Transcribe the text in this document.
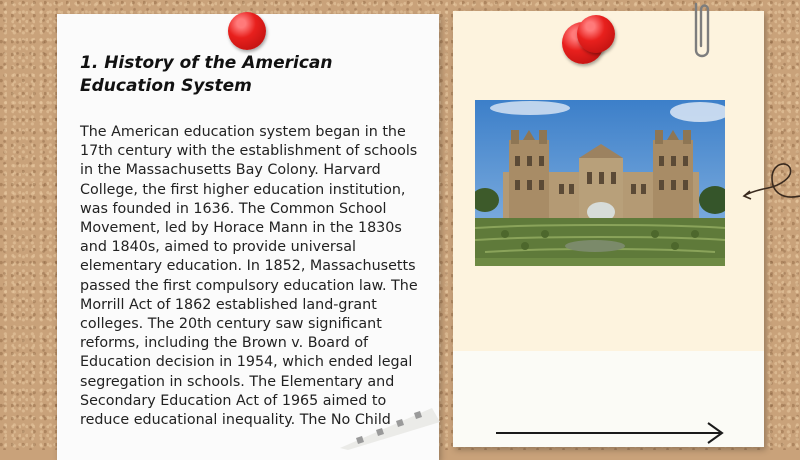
1. History of the American Education System

The American education system began in the 17th century with the establishment of schools in the Massachusetts Bay Colony. Harvard College, the first higher education institution, was founded in 1636. The Common School Movement, led by Horace Mann in the 1830s and 1840s, aimed to provide universal elementary education. In 1852, Massachusetts passed the first compulsory education law. The Morrill Act of 1862 established land-grant colleges. The 20th century saw significant reforms, including the Brown v. Board of Education decision in 1954, which ended legal segregation in schools. The Elementary and Secondary Education Act of 1965 aimed to reduce educational inequality. The No Child
